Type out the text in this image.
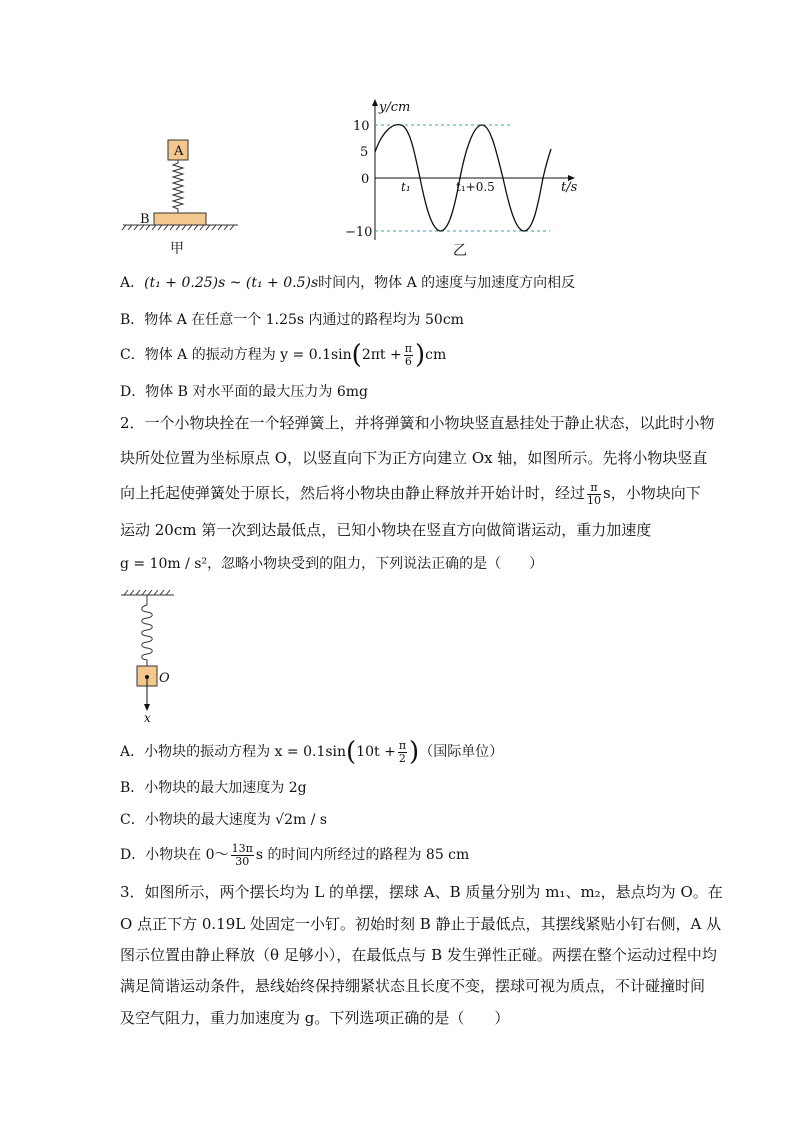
A
B
甲
y/cm
t/s
10
5
0
−10
t₁	t₁+0.5
乙
A．(t₁ + 0.25)s ~ (t₁ + 0.5)s时间内，物体 A 的速度与加速度方向相反
B．物体 A 在任意一个 1.25s 内通过的路程均为 50cm
C．物体 A 的振动方程为 $y = 0.1\sin(2\pi t + \frac{\pi}{6} )cm$
D．物体 B 对水平面的最大压力为 6mg
2．一个小物块拴在一个轻弹簧上，并将弹簧和小物块竖直悬挂处于静止状态，以此时小物
块所处位置为坐标原点 O，以竖直向下为正方向建立 Ox 轴，如图所示。先将小物块竖直
向上托起使弹簧处于原长，然后将小物块由静止释放并开始计时，经过 $\frac{\pi}{10}$ s，小物块向下
运动 20cm 第一次到达最低点，已知小物块在竖直方向做简谐运动，重力加速度
g = 10m / s²，忽略小物块受到的阻力，下列说法正确的是（　　）
O
x
A．小物块的振动方程为 $x = 0.1\sin(10t + \frac{\pi}{2}$ )（国际单位）
B．小物块的最大加速度为 2g
C．小物块的最大速度为 √2m / s
D．小物块在 0～ $\frac{13\pi}{30}$ s 的时间内所经过的路程为 85 cm
3．如图所示，两个摆长均为 L 的单摆，摆球 A、B 质量分别为 m₁、m₂，悬点均为 O。在
O 点正下方 0.19L 处固定一小钉。初始时刻 B 静止于最低点，其摆线紧贴小钉右侧，A 从
图示位置由静止释放（θ 足够小），在最低点与 B 发生弹性正碰。两摆在整个运动过程中均
满足简谐运动条件，悬线始终保持绷紧状态且长度不变，摆球可视为质点，不计碰撞时间
及空气阻力，重力加速度为 g。下列选项正确的是（　　）
